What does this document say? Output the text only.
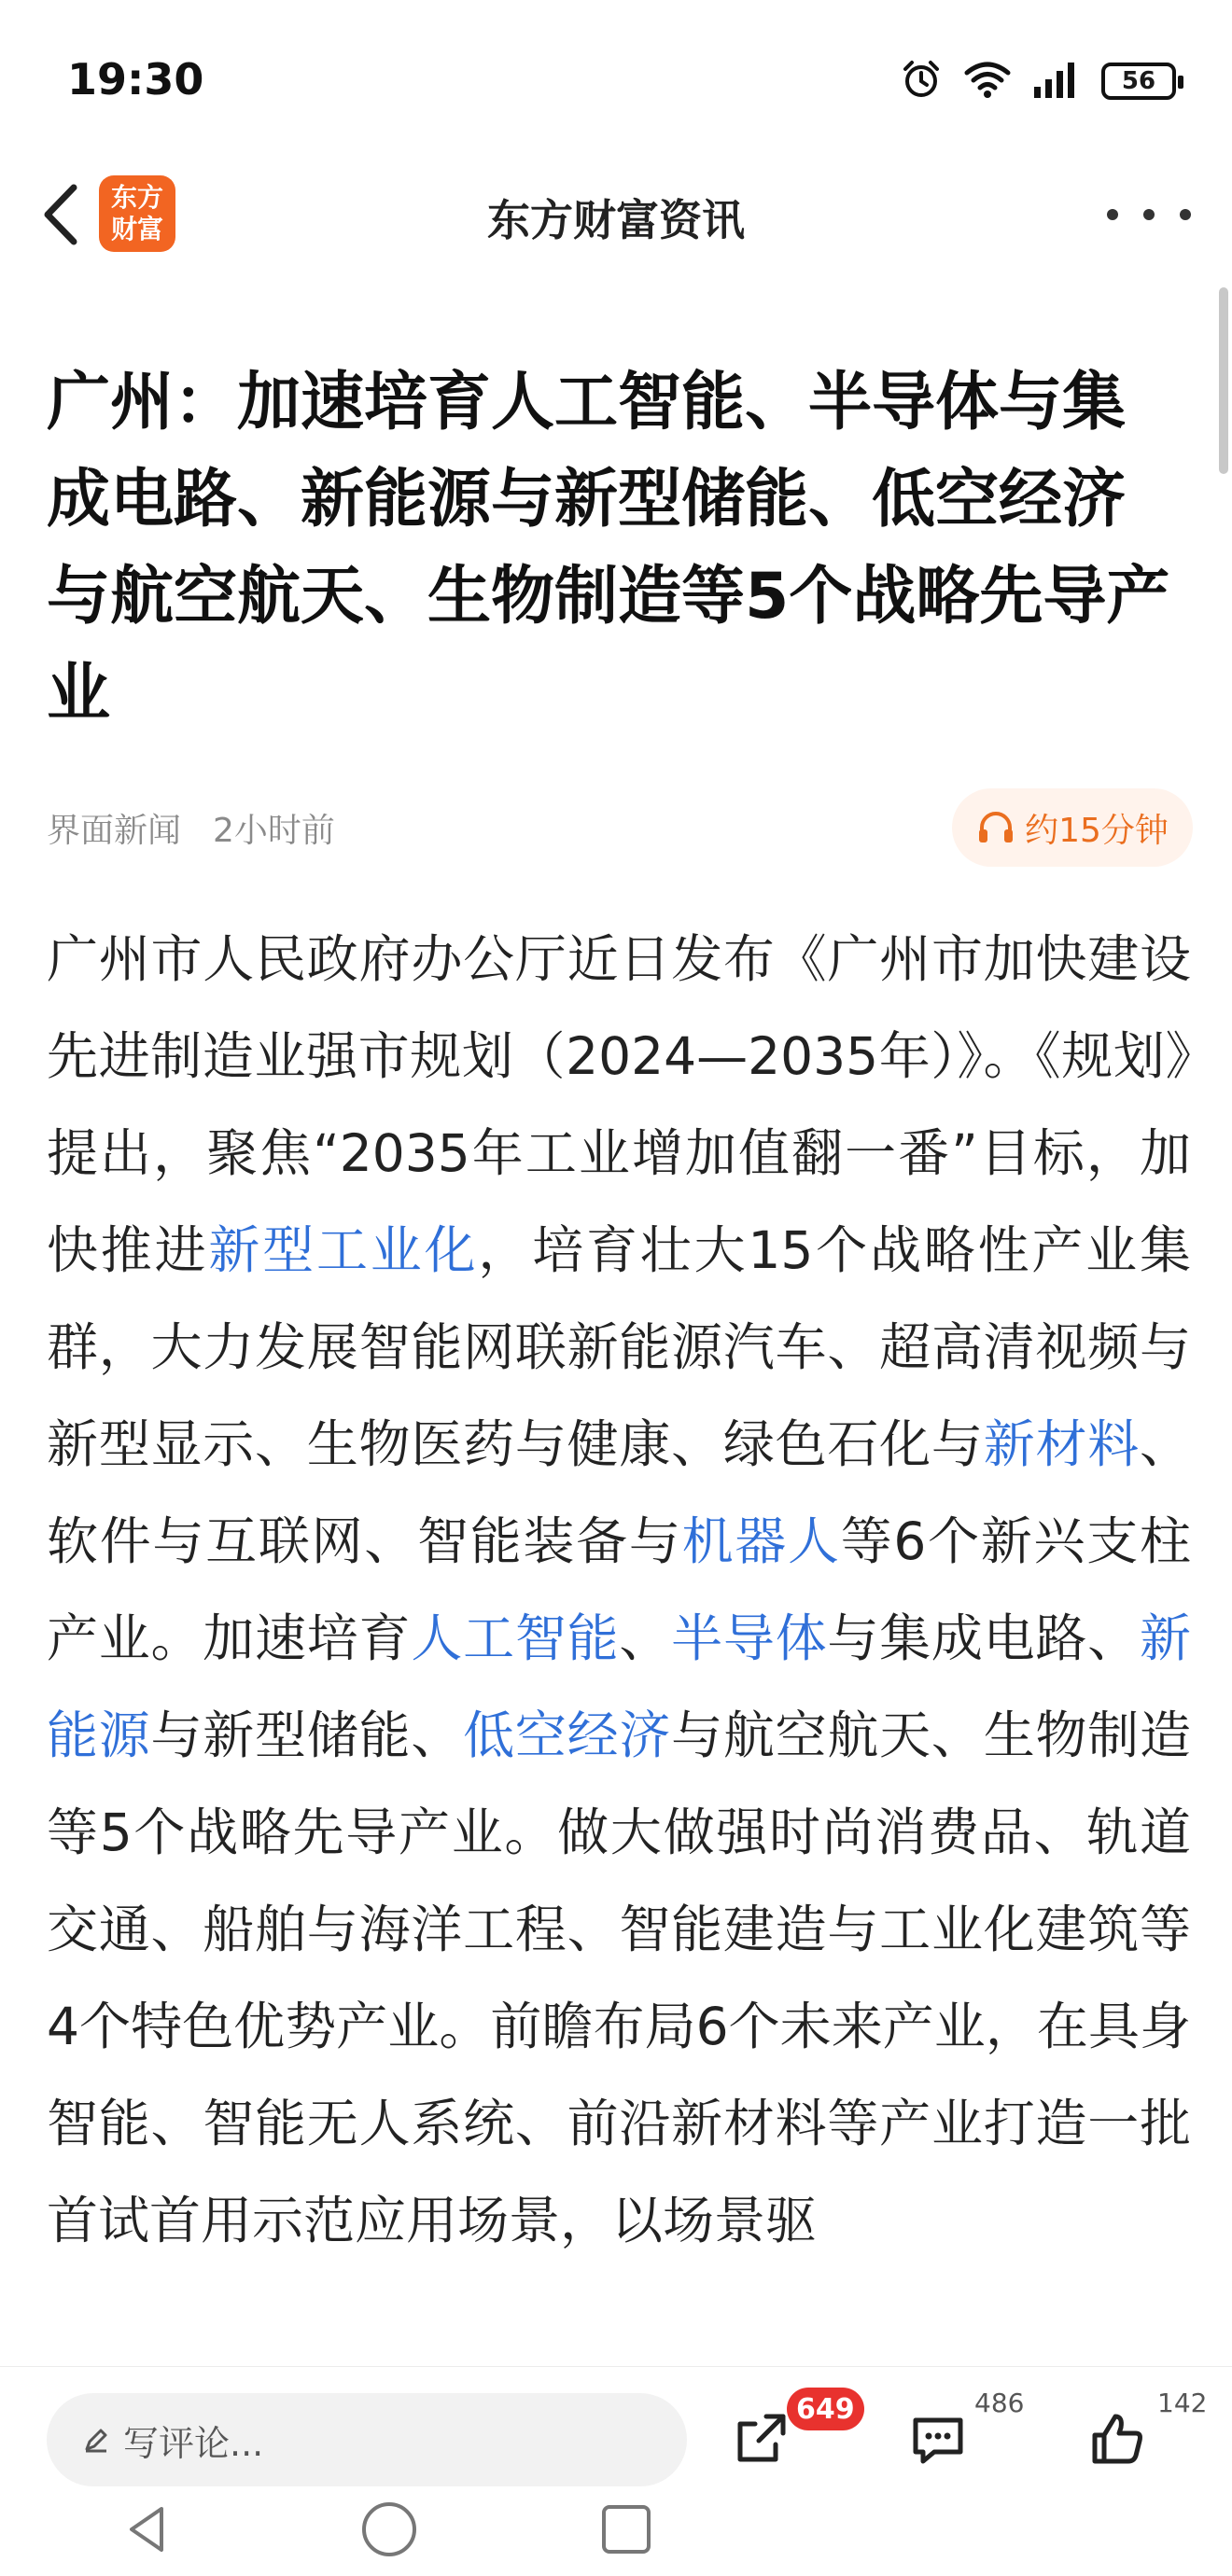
19:30	56
东方
财富	东方财富资讯
广州：加速培育人工智能、半导体与集成电路、新能源与新型储能、低空经济与航空航天、生物制造等5个战略先导产业
界面新闻 2小时前	约15分钟

广州市人民政府办公厅近日发布《广州市加快建设先进制造业强市规划（2024—2035年）》。《规划》提出，聚焦“2035年工业增加值翻一番”目标，加快推进新型工业化，培育壮大15个战略性产业集群，大力发展智能网联新能源汽车、超高清视频与新型显示、生物医药与健康、绿色石化与新材料、软件与互联网、智能装备与机器人等6个新兴支柱产业。加速培育人工智能、半导体与集成电路、新能源与新型储能、低空经济与航空航天、生物制造等5个战略先导产业。做大做强时尚消费品、轨道交通、船舶与海洋工程、智能建造与工业化建筑等4个特色优势产业。前瞻布局6个未来产业，在具身智能、智能无人系统、前沿新材料等产业打造一批首试首用示范应用场景，以场景驱

写评论...
649	486	142
